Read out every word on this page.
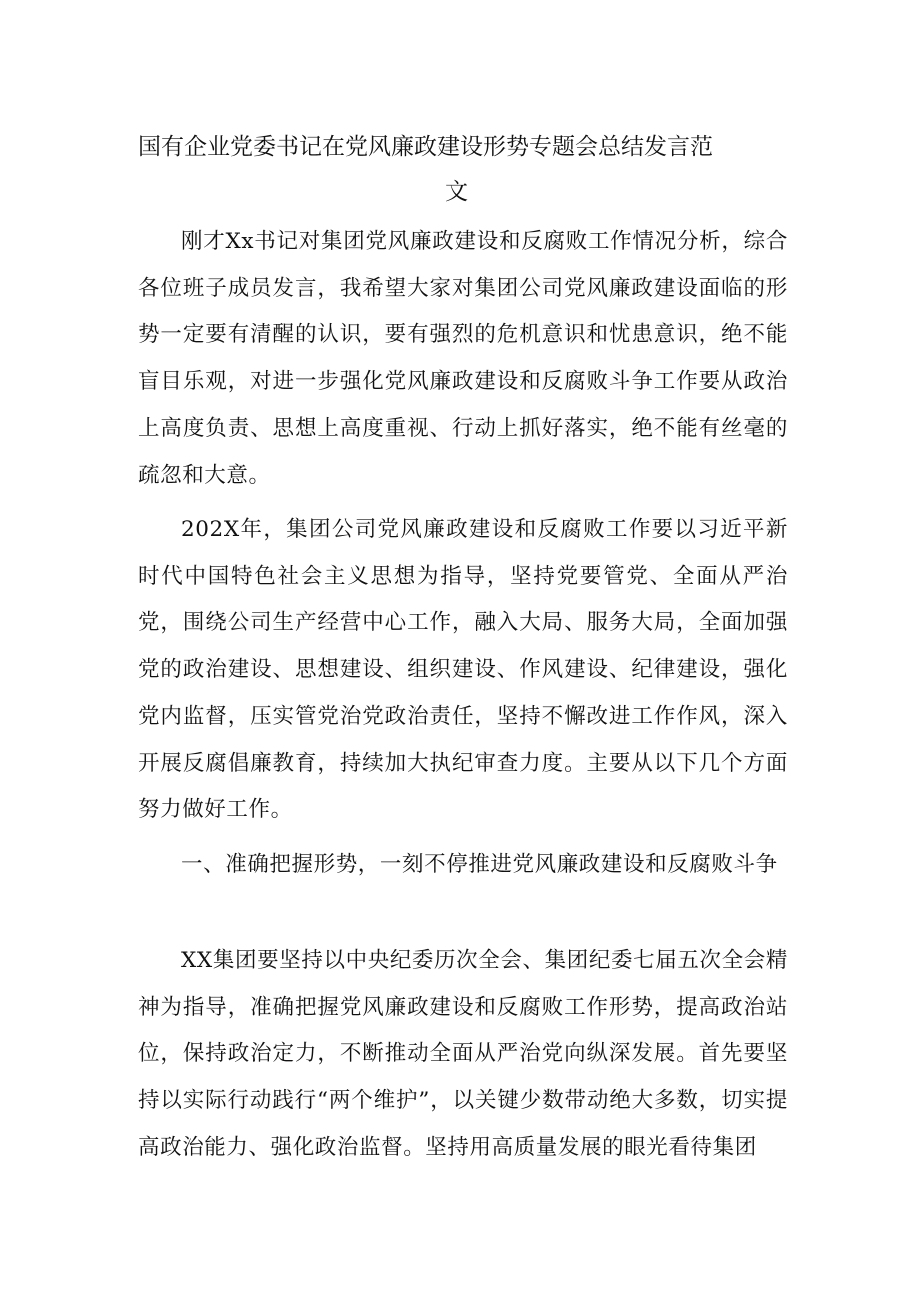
国有企业党委书记在党风廉政建设形势专题会总结发言范
文

刚才Xx书记对集团党风廉政建设和反腐败工作情况分析，综合各位班子成员发言，我希望大家对集团公司党风廉政建设面临的形势一定要有清醒的认识，要有强烈的危机意识和忧患意识，绝不能盲目乐观，对进一步强化党风廉政建设和反腐败斗争工作要从政治上高度负责、思想上高度重视、行动上抓好落实，绝不能有丝毫的疏忽和大意。

202X年，集团公司党风廉政建设和反腐败工作要以习近平新时代中国特色社会主义思想为指导，坚持党要管党、全面从严治党，围绕公司生产经营中心工作，融入大局、服务大局，全面加强党的政治建设、思想建设、组织建设、作风建设、纪律建设，强化党内监督，压实管党治党政治责任，坚持不懈改进工作作风，深入开展反腐倡廉教育，持续加大执纪审查力度。主要从以下几个方面努力做好工作。

一、准确把握形势，一刻不停推进党风廉政建设和反腐败斗争

XX集团要坚持以中央纪委历次全会、集团纪委七届五次全会精神为指导，准确把握党风廉政建设和反腐败工作形势，提高政治站位，保持政治定力，不断推动全面从严治党向纵深发展。首先要坚持以实际行动践行“两个维护”，以关键少数带动绝大多数，切实提高政治能力、强化政治监督。坚持用高质量发展的眼光看待集团
